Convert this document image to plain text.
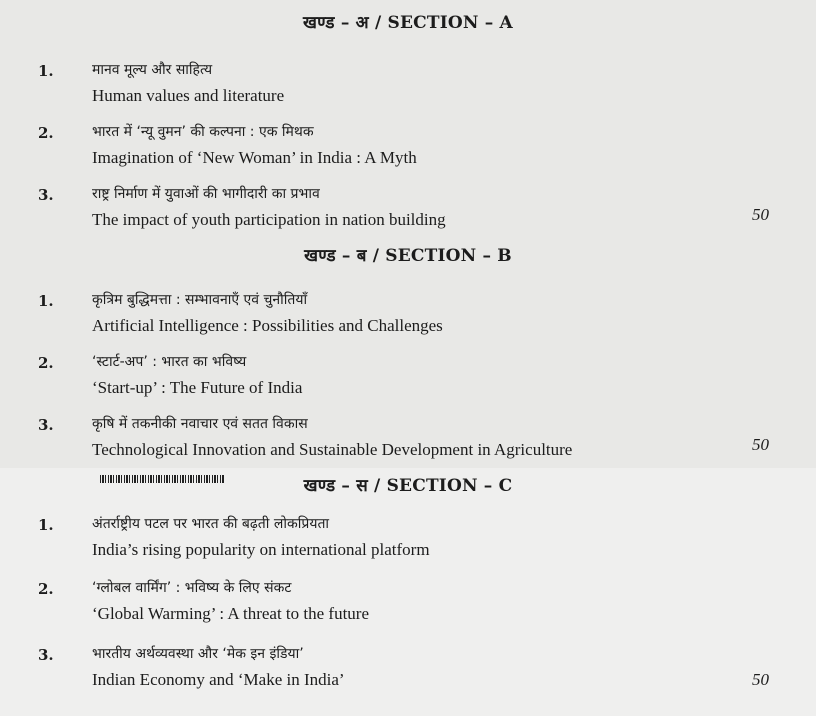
खण्ड – अ / SECTION – A
1.	मानव मूल्य और साहित्य
Human values and literature
2.	भारत में ‘न्यू वुमन’ की कल्पना : एक मिथक
Imagination of ‘New Woman’ in India : A Myth
3.	राष्ट्र निर्माण में युवाओं की भागीदारी का प्रभाव
The impact of youth participation in nation building	50
खण्ड – ब / SECTION – B
1.	कृत्रिम बुद्धिमत्ता : सम्भावनाएँ एवं चुनौतियाँ
Artificial Intelligence : Possibilities and Challenges
2.	‘स्टार्ट-अप’ : भारत का भविष्य
‘Start-up’ : The Future of India
3.	कृषि में तकनीकी नवाचार एवं सतत विकास
Technological Innovation and Sustainable Development in Agriculture	50
खण्ड – स / SECTION – C
1.	अंतर्राष्ट्रीय पटल पर भारत की बढ़ती लोकप्रियता
India’s rising popularity on international platform
2.	‘ग्लोबल वार्मिंग’ : भविष्य के लिए संकट
‘Global Warming’ : A threat to the future
3.	भारतीय अर्थव्यवस्था और ‘मेक इन इंडिया’
Indian Economy and ‘Make in India’	50
